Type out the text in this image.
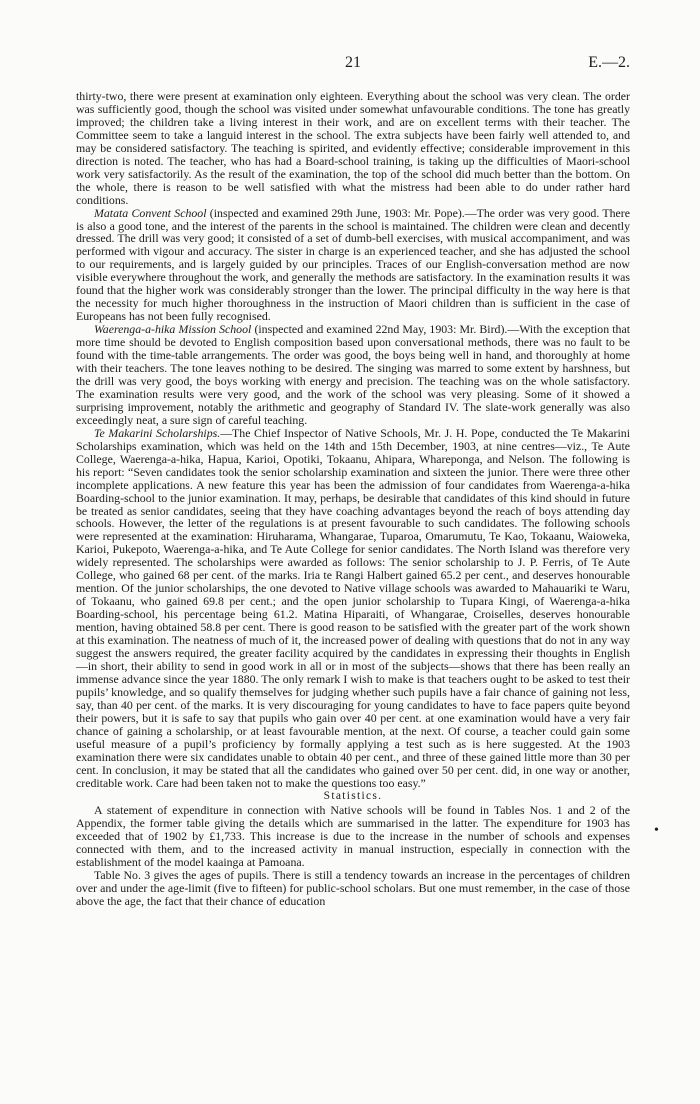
21	E.—2.

thirty-two, there were present at examination only eighteen. Everything about the school was very clean. The order was sufficiently good, though the school was visited under somewhat unfavourable conditions. The tone has greatly improved; the children take a living interest in their work, and are on excellent terms with their teacher. The Committee seem to take a languid interest in the school. The extra subjects have been fairly well attended to, and may be considered satisfactory. The teaching is spirited, and evidently effective; considerable improvement in this direction is noted. The teacher, who has had a Board-school training, is taking up the difficulties of Maori-school work very satisfactorily. As the result of the examination, the top of the school did much better than the bottom. On the whole, there is reason to be well satisfied with what the mistress had been able to do under rather hard conditions.

Matata Convent School (inspected and examined 29th June, 1903: Mr. Pope).—The order was very good. There is also a good tone, and the interest of the parents in the school is maintained. The children were clean and decently dressed. The drill was very good; it consisted of a set of dumb-bell exercises, with musical accompaniment, and was performed with vigour and accuracy. The sister in charge is an experienced teacher, and she has adjusted the school to our requirements, and is largely guided by our principles. Traces of our English-conversation method are now visible everywhere throughout the work, and generally the methods are satisfactory. In the examination results it was found that the higher work was considerably stronger than the lower. The principal difficulty in the way here is that the necessity for much higher thoroughness in the instruction of Maori children than is sufficient in the case of Europeans has not been fully recognised.

Waerenga-a-hika Mission School (inspected and examined 22nd May, 1903: Mr. Bird).—With the exception that more time should be devoted to English composition based upon conversational methods, there was no fault to be found with the time-table arrangements. The order was good, the boys being well in hand, and thoroughly at home with their teachers. The tone leaves nothing to be desired. The singing was marred to some extent by harshness, but the drill was very good, the boys working with energy and precision. The teaching was on the whole satisfactory. The examination results were very good, and the work of the school was very pleasing. Some of it showed a surprising improvement, notably the arithmetic and geography of Standard IV. The slate-work generally was also exceedingly neat, a sure sign of careful teaching.

Te Makarini Scholarships.—The Chief Inspector of Native Schools, Mr. J. H. Pope, conducted the Te Makarini Scholarships examination, which was held on the 14th and 15th December, 1903, at nine centres—viz., Te Aute College, Waerenga-a-hika, Hapua, Karioi, Opotiki, Tokaanu, Ahipara, Whareponga, and Nelson. The following is his report: “Seven candidates took the senior scholarship examination and sixteen the junior. There were three other incomplete applications. A new feature this year has been the admission of four candidates from Waerenga-a-hika Boarding-school to the junior examination. It may, perhaps, be desirable that candidates of this kind should in future be treated as senior candidates, seeing that they have coaching advantages beyond the reach of boys attending day schools. However, the letter of the regulations is at present favourable to such candidates. The following schools were represented at the examination: Hiruharama, Whangarae, Tuparoa, Omarumutu, Te Kao, Tokaanu, Waioweka, Karioi, Pukepoto, Waerenga-a-hika, and Te Aute College for senior candidates. The North Island was therefore very widely represented. The scholarships were awarded as follows: The senior scholarship to J. P. Ferris, of Te Aute College, who gained 68 per cent. of the marks. Iria te Rangi Halbert gained 65.2 per cent., and deserves honourable mention. Of the junior scholarships, the one devoted to Native village schools was awarded to Mahauariki te Waru, of Tokaanu, who gained 69.8 per cent.; and the open junior scholarship to Tupara Kingi, of Waerenga-a-hika Boarding-school, his percentage being 61.2. Matina Hiparaiti, of Whangarae, Croiselles, deserves honourable mention, having obtained 58.8 per cent. There is good reason to be satisfied with the greater part of the work shown at this examination. The neatness of much of it, the increased power of dealing with questions that do not in any way suggest the answers required, the greater facility acquired by the candidates in expressing their thoughts in English—in short, their ability to send in good work in all or in most of the subjects—shows that there has been really an immense advance since the year 1880. The only remark I wish to make is that teachers ought to be asked to test their pupils’ knowledge, and so qualify themselves for judging whether such pupils have a fair chance of gaining not less, say, than 40 per cent. of the marks. It is very discouraging for young candidates to have to face papers quite beyond their powers, but it is safe to say that pupils who gain over 40 per cent. at one examination would have a very fair chance of gaining a scholarship, or at least favourable mention, at the next. Of course, a teacher could gain some useful measure of a pupil’s proficiency by formally applying a test such as is here suggested. At the 1903 examination there were six candidates unable to obtain 40 per cent., and three of these gained little more than 30 per cent. In conclusion, it may be stated that all the candidates who gained over 50 per cent. did, in one way or another, creditable work. Care had been taken not to make the questions too easy.”

Statistics.

A statement of expenditure in connection with Native schools will be found in Tables Nos. 1 and 2 of the Appendix, the former table giving the details which are summarised in the latter. The expenditure for 1903 has exceeded that of 1902 by £1,733. This increase is due to the increase in the number of schools and expenses connected with them, and to the increased activity in manual instruction, especially in connection with the establishment of the model kaainga at Pamoana.

Table No. 3 gives the ages of pupils. There is still a tendency towards an increase in the percentages of children over and under the age-limit (five to fifteen) for public-school scholars. But one must remember, in the case of those above the age, the fact that their chance of education

•
